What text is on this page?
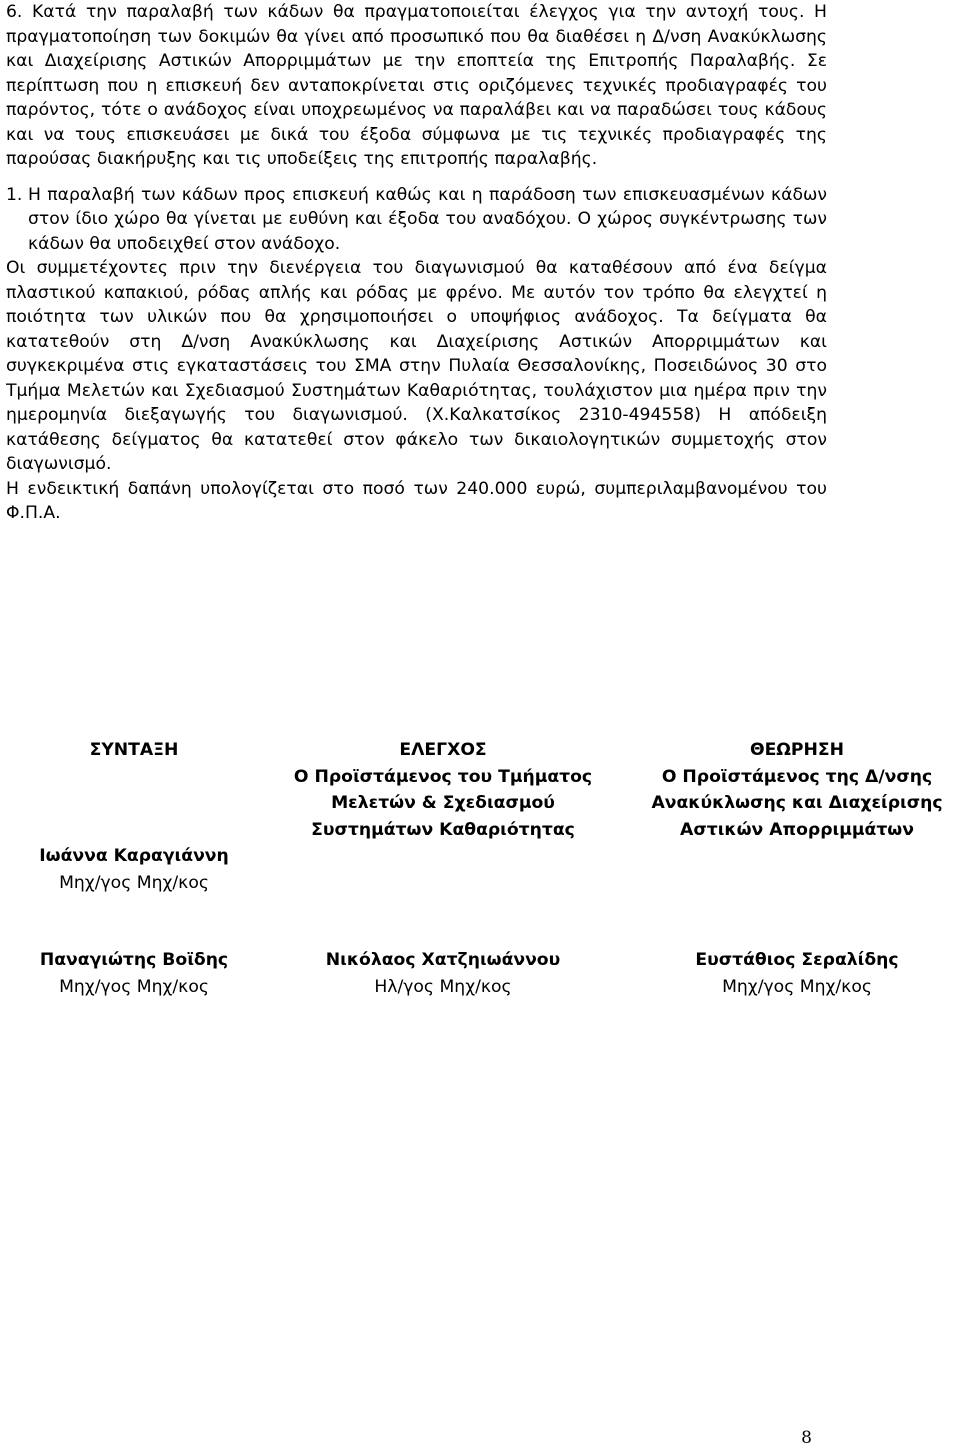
6. Κατά την παραλαβή των κάδων θα πραγματοποιείται έλεγχος για την αντοχή τους. Η πραγματοποίηση των δοκιμών θα γίνει από προσωπικό που θα διαθέσει η Δ/νση Ανακύκλωσης και Διαχείρισης Αστικών Απορριμμάτων με την εποπτεία της Επιτροπής Παραλαβής. Σε περίπτωση που η επισκευή δεν ανταποκρίνεται στις οριζόμενες τεχνικές προδιαγραφές του παρόντος, τότε ο ανάδοχος είναι υποχρεωμένος να παραλάβει και να παραδώσει τους κάδους και να τους επισκευάσει με δικά του έξοδα σύμφωνα με τις τεχνικές προδιαγραφές της παρούσας διακήρυξης και τις υποδείξεις της επιτροπής παραλαβής.

1. Η παραλαβή των κάδων προς επισκευή καθώς και η παράδοση των επισκευασμένων κάδων στον ίδιο χώρο θα γίνεται με ευθύνη και έξοδα του αναδόχου. Ο χώρος συγκέντρωσης των κάδων θα υποδειχθεί στον ανάδοχο.

Οι συμμετέχοντες πριν την διενέργεια του διαγωνισμού θα καταθέσουν από ένα δείγμα πλαστικού καπακιού, ρόδας απλής και ρόδας με φρένο. Με αυτόν τον τρόπο θα ελεγχτεί η ποιότητα των υλικών που θα χρησιμοποιήσει ο υποψήφιος ανάδοχος. Τα δείγματα θα κατατεθούν στη Δ/νση Ανακύκλωσης και Διαχείρισης Αστικών Απορριμμάτων και συγκεκριμένα στις εγκαταστάσεις του ΣΜΑ στην Πυλαία Θεσσαλονίκης, Ποσειδώνος 30 στο Τμήμα Μελετών και Σχεδιασμού Συστημάτων Καθαριότητας, τουλάχιστον μια ημέρα πριν την ημερομηνία διεξαγωγής του διαγωνισμού. (Χ.Καλκατσίκος 2310-494558) Η απόδειξη κατάθεσης δείγματος θα κατατεθεί στον φάκελο των δικαιολογητικών συμμετοχής στον διαγωνισμό.

Η ενδεικτική δαπάνη υπολογίζεται στο ποσό των 240.000 ευρώ, συμπεριλαμβανομένου του Φ.Π.Α.

ΣΥΝΤΑΞΗ

Ιωάννα Καραγιάννη
Μηχ/γος Μηχ/κος
ΕΛΕΓΧΟΣ
Ο Προϊστάμενος του Τμήματος
Μελετών & Σχεδιασμού
Συστημάτων Καθαριότητας
ΘΕΩΡΗΣΗ
Ο Προϊστάμενος της Δ/νσης
Ανακύκλωσης και Διαχείρισης
Αστικών Απορριμμάτων
Παναγιώτης Βοϊδης
Μηχ/γος Μηχ/κος
Νικόλαος Χατζηιωάννου
Ηλ/γος Μηχ/κος
Ευστάθιος Σεραλίδης
Μηχ/γος Μηχ/κος
8
